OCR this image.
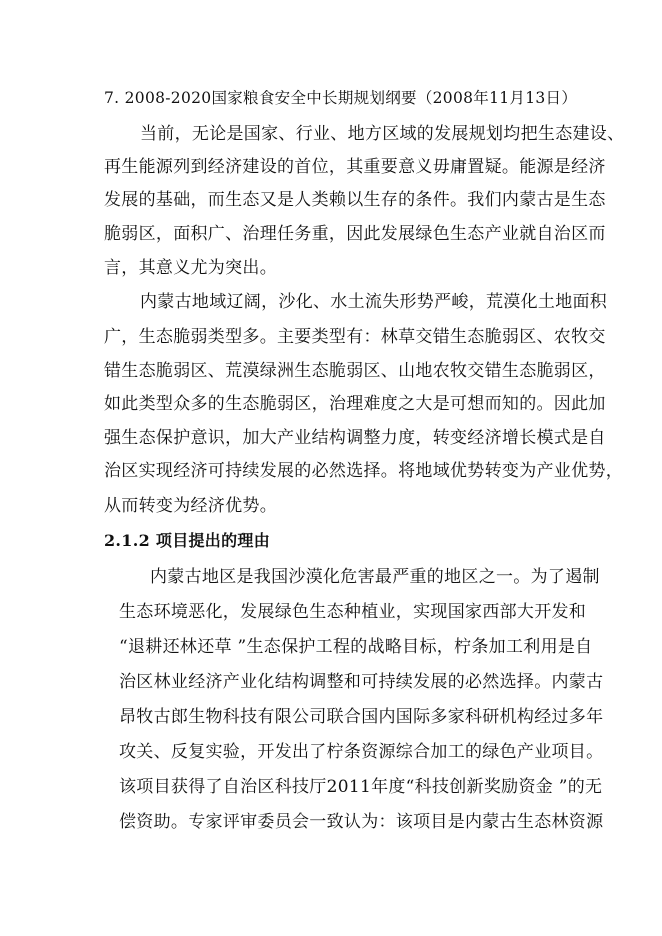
7. 2008-2020国家粮食安全中长期规划纲要（2008年11月13日）
当前，无论是国家、行业、地方区域的发展规划均把生态建设、
再生能源列到经济建设的首位，其重要意义毋庸置疑。能源是经济
发展的基础，而生态又是人类赖以生存的条件。我们内蒙古是生态
脆弱区，面积广、治理任务重，因此发展绿色生态产业就自治区而
言，其意义尤为突出。
内蒙古地域辽阔，沙化、水土流失形势严峻，荒漠化土地面积
广，生态脆弱类型多。主要类型有：林草交错生态脆弱区、农牧交
错生态脆弱区、荒漠绿洲生态脆弱区、山地农牧交错生态脆弱区，
如此类型众多的生态脆弱区，治理难度之大是可想而知的。因此加
强生态保护意识，加大产业结构调整力度，转变经济增长模式是自
治区实现经济可持续发展的必然选择。将地域优势转变为产业优势，
从而转变为经济优势。
2.1.2 项目提出的理由
内蒙古地区是我国沙漠化危害最严重的地区之一。为了遏制
生态环境恶化，发展绿色生态种植业，实现国家西部大开发和
“退耕还林还草 ”生态保护工程的战略目标，柠条加工利用是自
治区林业经济产业化结构调整和可持续发展的必然选择。内蒙古
昂牧古郎生物科技有限公司联合国内国际多家科研机构经过多年
攻关、反复实验，开发出了柠条资源综合加工的绿色产业项目。
该项目获得了自治区科技厅2011年度“科技创新奖励资金 ”的无
偿资助。专家评审委员会一致认为：该项目是内蒙古生态林资源
